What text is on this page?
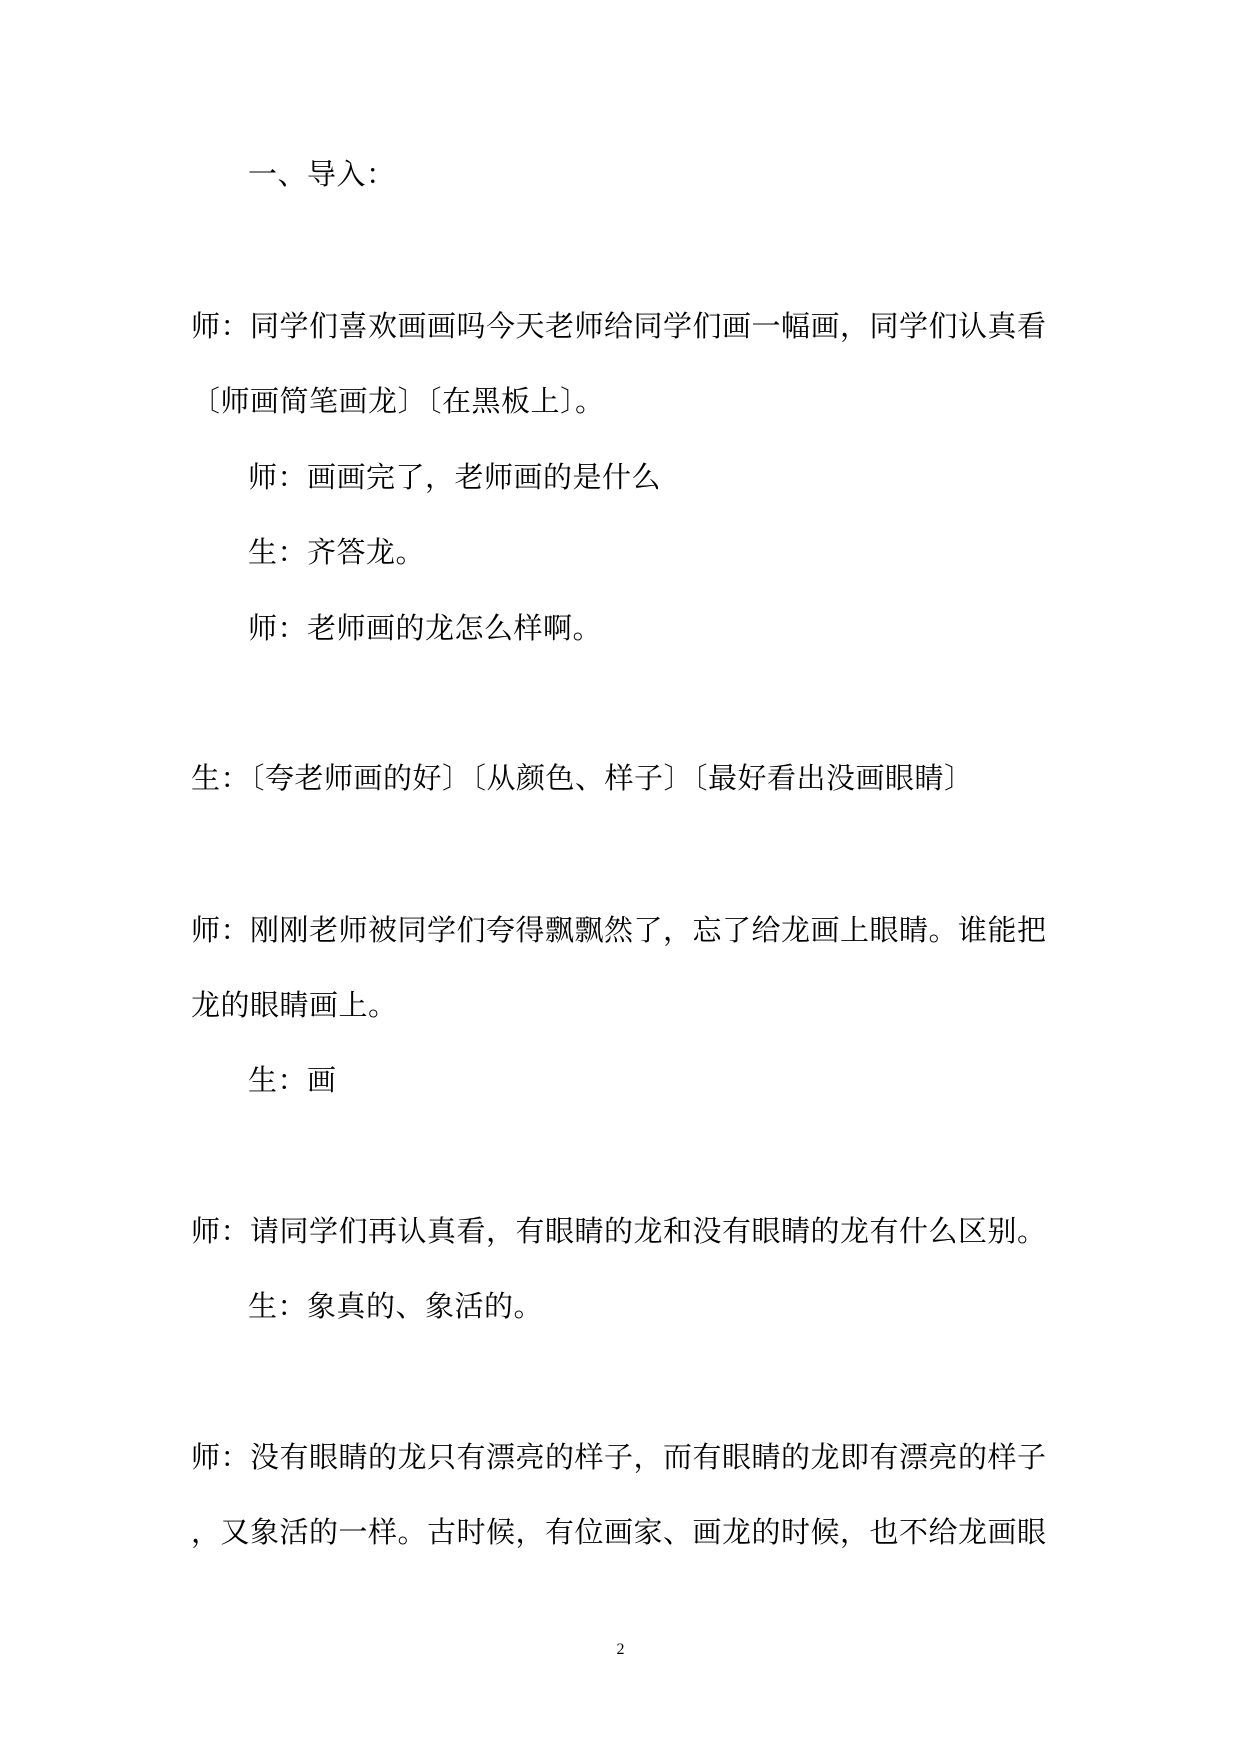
一、导入：
师：同学们喜欢画画吗今天老师给同学们画一幅画，同学们认真看
〔师画简笔画龙〕〔在黑板上〕。
师：画画完了，老师画的是什么
生：齐答龙。
师：老师画的龙怎么样啊。
生：〔夸老师画的好〕〔从颜色、样子〕〔最好看出没画眼睛〕
师：刚刚老师被同学们夸得飘飘然了，忘了给龙画上眼睛。谁能把
龙的眼睛画上。
生：画
师：请同学们再认真看，有眼睛的龙和没有眼睛的龙有什么区别。
生：象真的、象活的。
师：没有眼睛的龙只有漂亮的样子，而有眼睛的龙即有漂亮的样子
，又象活的一样。古时候，有位画家、画龙的时候，也不给龙画眼
2
